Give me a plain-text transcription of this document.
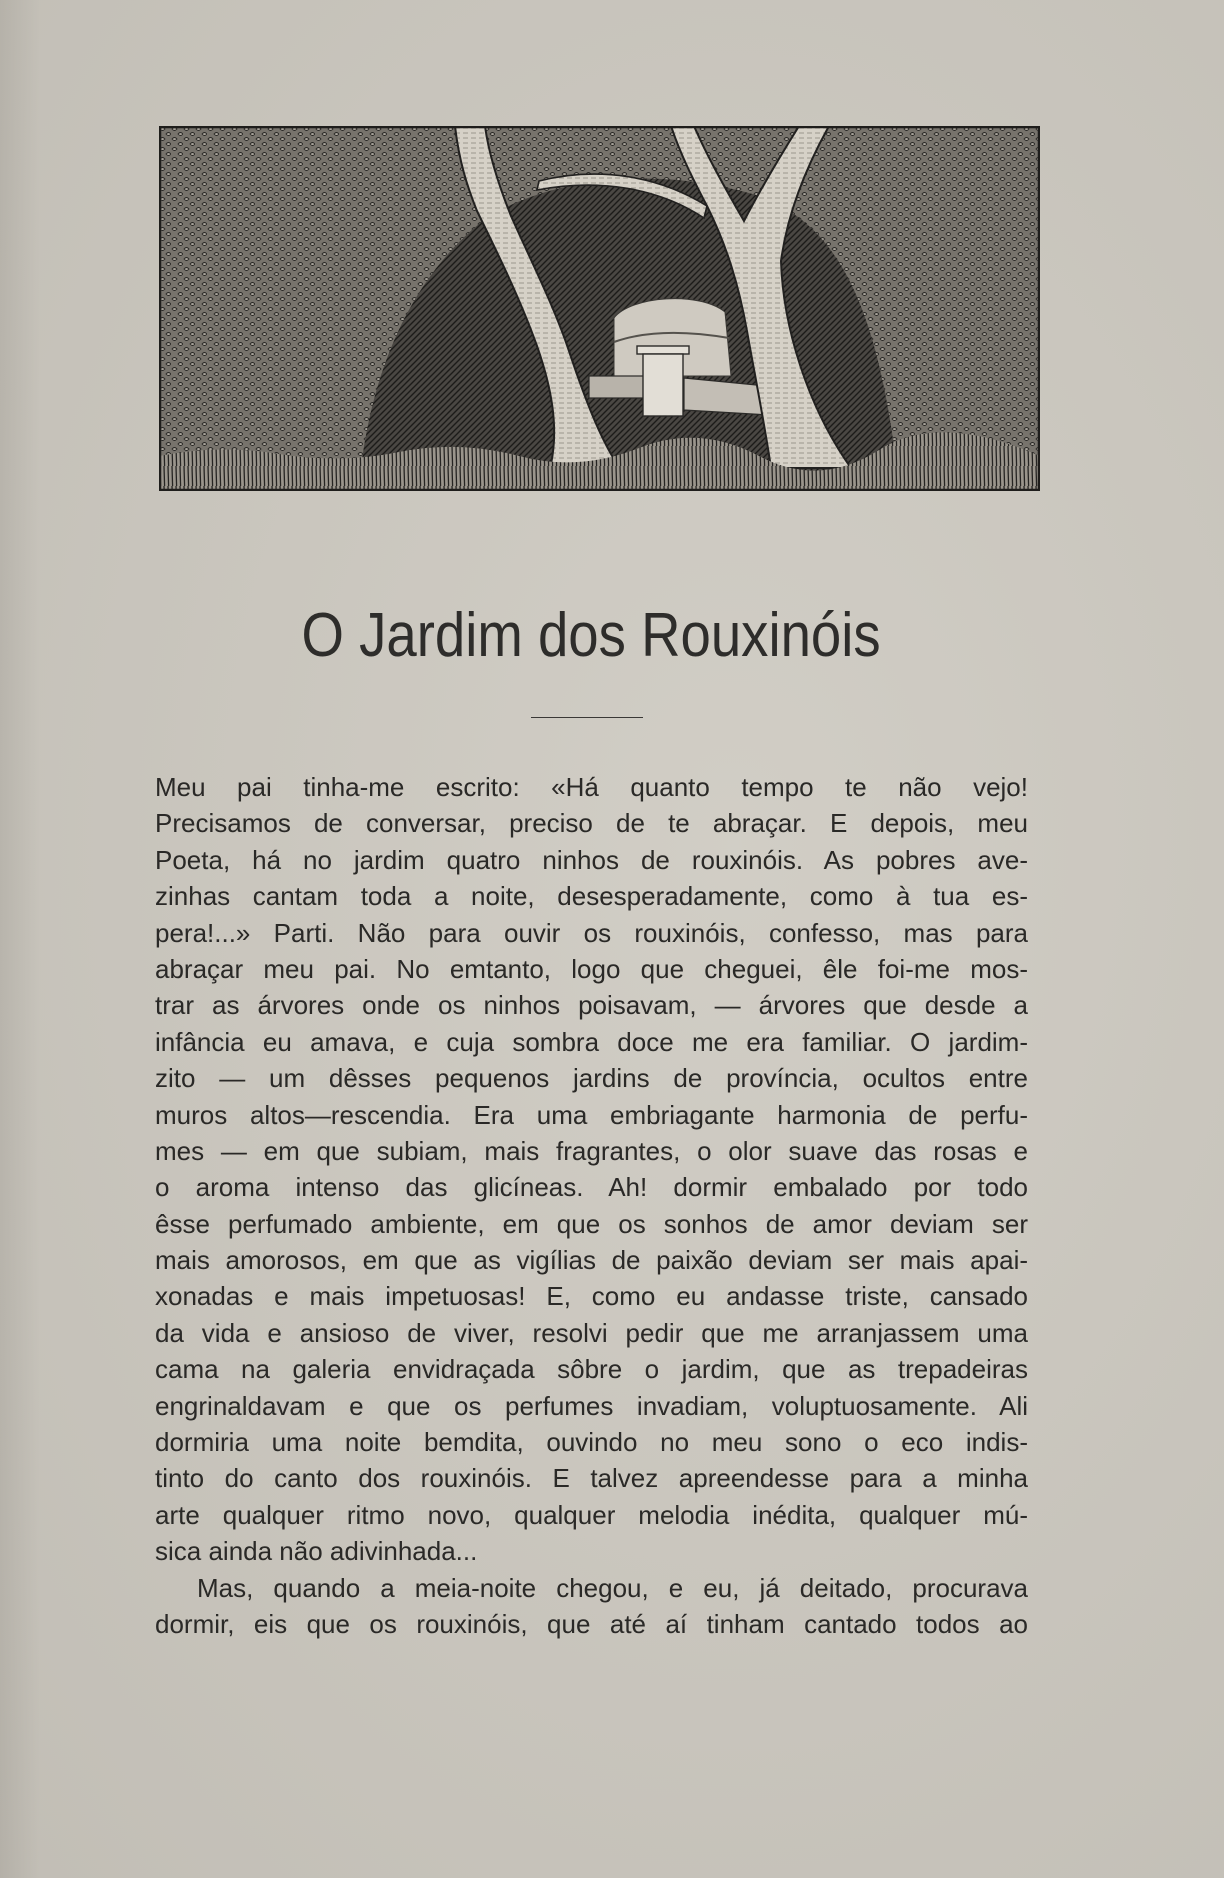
O Jardim dos Rouxinóis
Meu pai tinha-me escrito: «Há quanto tempo te não vejo!
Precisamos de conversar, preciso de te abraçar. E depois, meu
Poeta, há no jardim quatro ninhos de rouxinóis. As pobres ave-
zinhas cantam toda a noite, desesperadamente, como à tua es-
pera!...» Parti. Não para ouvir os rouxinóis, confesso, mas para
abraçar meu pai. No emtanto, logo que cheguei, êle foi-me mos-
trar as árvores onde os ninhos poisavam, — árvores que desde a
infância eu amava, e cuja sombra doce me era familiar. O jardim-
zito — um dêsses pequenos jardins de província, ocultos entre
muros altos—rescendia. Era uma embriagante harmonia de perfu-
mes — em que subiam, mais fragrantes, o olor suave das rosas e
o aroma intenso das glicíneas. Ah! dormir embalado por todo
êsse perfumado ambiente, em que os sonhos de amor deviam ser
mais amorosos, em que as vigílias de paixão deviam ser mais apai-
xonadas e mais impetuosas! E, como eu andasse triste, cansado
da vida e ansioso de viver, resolvi pedir que me arranjassem uma
cama na galeria envidraçada sôbre o jardim, que as trepadeiras
engrinaldavam e que os perfumes invadiam, voluptuosamente. Ali
dormiria uma noite bemdita, ouvindo no meu sono o eco indis-
tinto do canto dos rouxinóis. E talvez apreendesse para a minha
arte qualquer ritmo novo, qualquer melodia inédita, qualquer mú-
sica ainda não adivinhada...
Mas, quando a meia-noite chegou, e eu, já deitado, procurava
dormir, eis que os rouxinóis, que até aí tinham cantado todos ao
